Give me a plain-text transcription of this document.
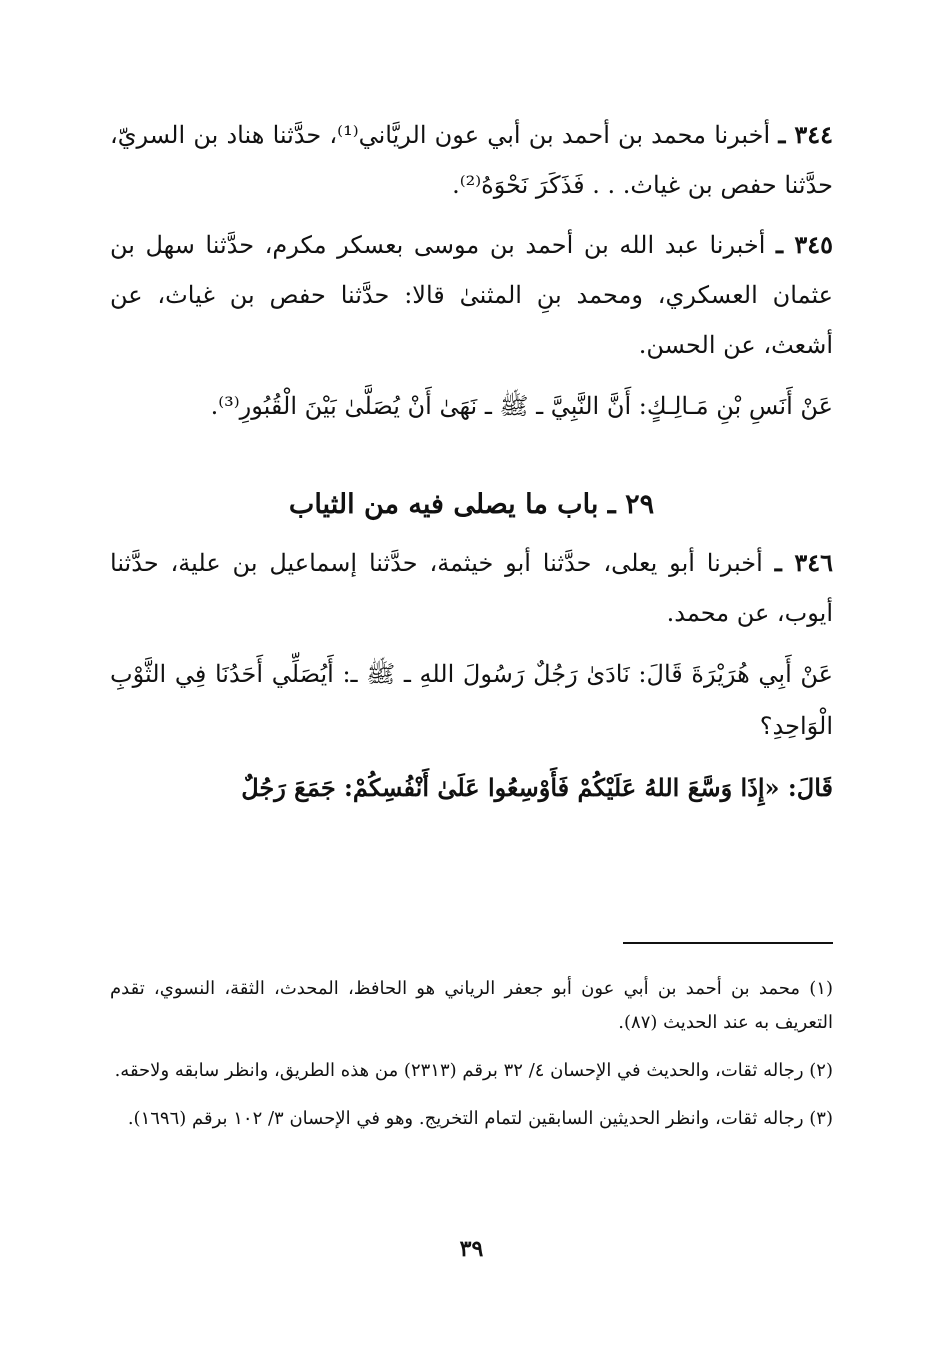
٣٤٤ ـ أخبرنا محمد بن أحمد بن أبي عون الريَّاني⁽¹⁾، حدَّثنا هناد بن السريّ، حدَّثنا حفص بن غياث. . . فَذَكَرَ نَحْوَهُ⁽²⁾.

٣٤٥ ـ أخبرنا عبد الله بن أحمد بن موسى بعسكر مكرم، حدَّثنا سهل بن عثمان العسكري، ومحمد بنِ المثنىٰ قالا: حدَّثنا حفص بن غياث، عن أشعث، عن الحسن.

عَنْ أَنَسِ بْنِ مَـالِـكٍ: أَنَّ النَّبِيَّ ـ ﷺ ـ نَهَىٰ أَنْ يُصَلَّىٰ بَيْنَ الْقُبُورِ⁽³⁾.

٢٩ ـ باب ما يصلى فيه من الثياب

٣٤٦ ـ أخبرنا أبو يعلى، حدَّثنا أبو خيثمة، حدَّثنا إسماعيل بن علية، حدَّثنا أيوب، عن محمد.

عَنْ أَبِي هُرَيْرَةَ قَالَ: نَادَىٰ رَجُلٌ رَسُولَ اللهِ ـ ﷺ ـ: أَيُصَلِّي أَحَدُنَا فِي الثَّوْبِ الْوَاحِدِ؟

قَالَ: «إِذَا وَسَّعَ اللهُ عَلَيْكُمْ فَأَوْسِعُوا عَلَىٰ أَنْفُسِكُمْ: جَمَعَ رَجُلٌ

(١) محمد بن أحمد بن أبي عون أبو جعفر الرياني هو الحافظ، المحدث، الثقة، النسوي، تقدم التعريف به عند الحديث (٨٧).

(٢) رجاله ثقات، والحديث في الإحسان ٤/ ٣٢ برقم (٢٣١٣) من هذه الطريق، وانظر سابقه ولاحقه.

(٣) رجاله ثقات، وانظر الحديثين السابقين لتمام التخريج. وهو في الإحسان ٣/ ١٠٢ برقم (١٦٩٦).

٣٩
